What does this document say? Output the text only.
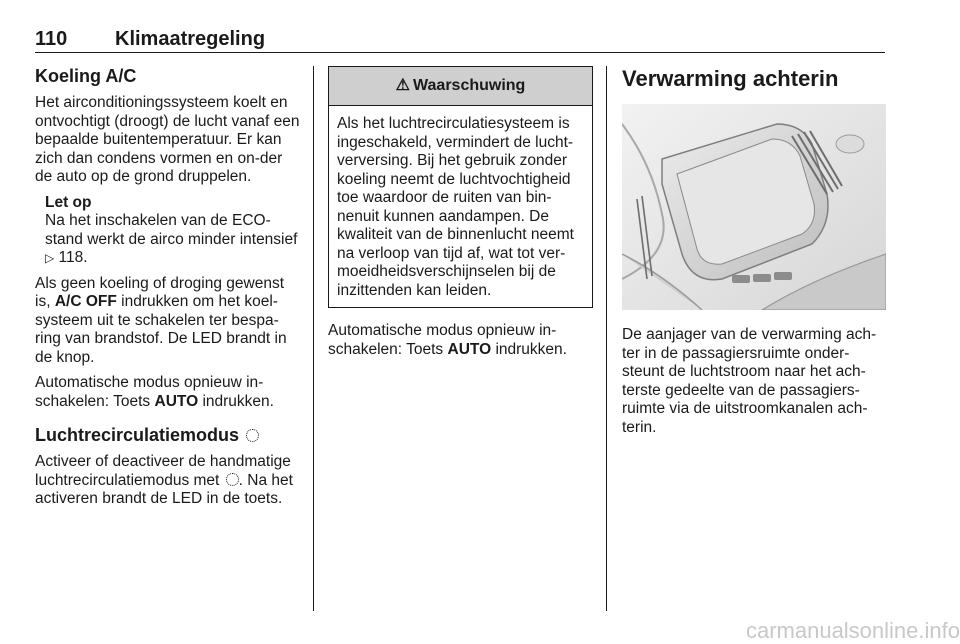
110 Klimaatregeling
Koeling A/C

Het airconditioningssysteem koelt en ontvochtigt (droogt) de lucht vanaf een bepaalde buitentemperatuur. Er kan zich dan condens vormen en on-der de auto op de grond druppelen.

Let op
Na het inschakelen van de ECO-stand werkt de airco minder intensief
▷ 118.

Als geen koeling of droging gewenst is, A/C OFF indrukken om het koel-systeem uit te schakelen ter bespa-ring van brandstof. De LED brandt in de knop.

Automatische modus opnieuw in-schakelen: Toets AUTO indrukken.

Luchtrecirculatiemodus

Activeer of deactiveer de handmatige luchtrecirculatiemodus met . Na het activeren brandt de LED in de toets.

⚠ Waarschuwing
Als het luchtrecirculatiesysteem is ingeschakeld, vermindert de lucht-verversing. Bij het gebruik zonder koeling neemt de luchtvochtigheid toe waardoor de ruiten van bin-nenuit kunnen aandampen. De kwaliteit van de binnenlucht neemt na verloop van tijd af, wat tot ver-moeidheidsverschijnselen bij de inzittenden kan leiden.

Automatische modus opnieuw in-schakelen: Toets AUTO indrukken.

Verwarming achterin

De aanjager van de verwarming ach-ter in de passagiersruimte onder-steunt de luchtstroom naar het ach-terste gedeelte van de passagiers-ruimte via de uitstroomkanalen ach-terin.

carmanualsonline.info
